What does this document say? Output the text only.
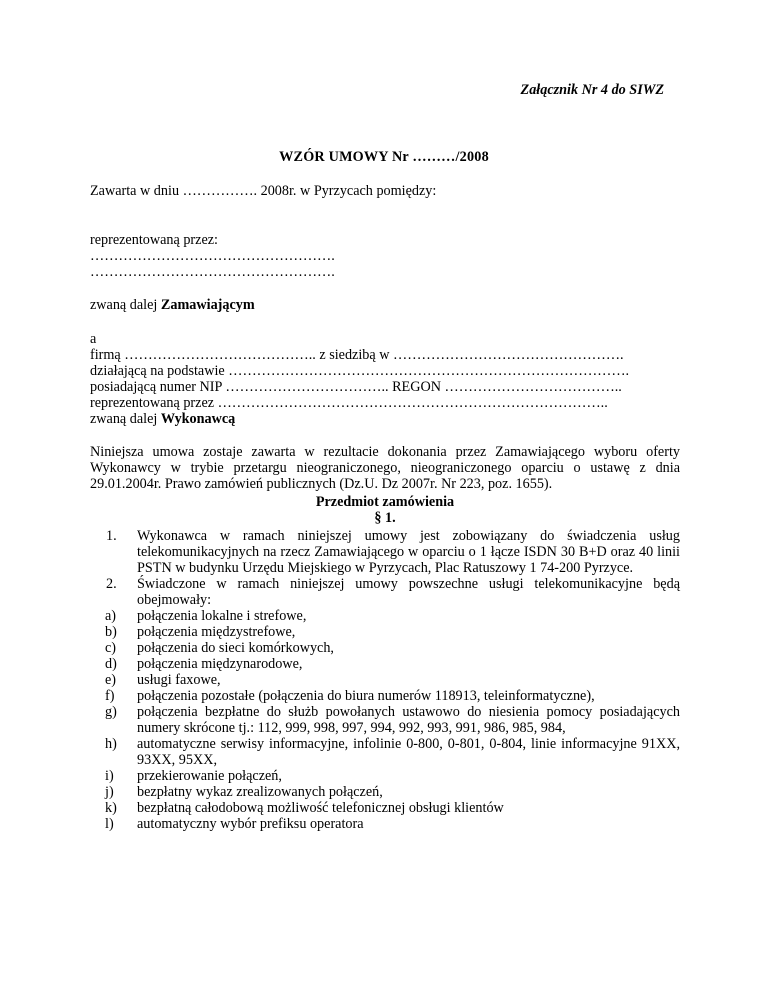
Załącznik Nr 4 do SIWZ
WZÓR UMOWY Nr ………/2008
Zawarta w dniu ……………. 2008r. w Pyrzycach pomiędzy:
reprezentowaną przez:
…………………………………………….
…………………………………………….
zwaną dalej Zamawiającym
a
firmą ………………………………….. z siedzibą w ………………………………………….
działającą na podstawie ………………………………………………………………………….
posiadającą numer NIP …………………………….. REGON ………………………………..
reprezentowaną przez ………………………………………………………………………..
zwaną dalej Wykonawcą
Niniejsza umowa zostaje zawarta w rezultacie dokonania przez Zamawiającego wyboru oferty Wykonawcy w trybie przetargu nieograniczonego, nieograniczonego oparciu o ustawę z dnia 29.01.2004r. Prawo zamówień publicznych (Dz.U. Dz 2007r. Nr 223, poz. 1655).
Przedmiot zamówienia
§ 1.
1. Wykonawca w ramach niniejszej umowy jest zobowiązany do świadczenia usług telekomunikacyjnych na rzecz Zamawiającego w oparciu o 1 łącze ISDN 30 B+D oraz 40 linii PSTN w budynku Urzędu Miejskiego w Pyrzycach, Plac Ratuszowy 1 74-200 Pyrzyce.
2. Świadczone w ramach niniejszej umowy powszechne usługi telekomunikacyjne będą obejmowały:
a) połączenia lokalne i strefowe,
b) połączenia międzystrefowe,
c) połączenia do sieci komórkowych,
d) połączenia międzynarodowe,
e) usługi faxowe,
f) połączenia pozostałe (połączenia do biura numerów 118913, teleinformatyczne),
g) połączenia bezpłatne do służb powołanych ustawowo do niesienia pomocy posiadających numery skrócone tj.: 112, 999, 998, 997, 994, 992, 993, 991, 986, 985, 984,
h) automatyczne serwisy informacyjne, infolinie 0-800, 0-801, 0-804, linie informacyjne 91XX, 93XX, 95XX,
i) przekierowanie połączeń,
j) bezpłatny wykaz zrealizowanych połączeń,
k) bezpłatną całodobową możliwość telefonicznej obsługi klientów
l) automatyczny wybór prefiksu operatora
